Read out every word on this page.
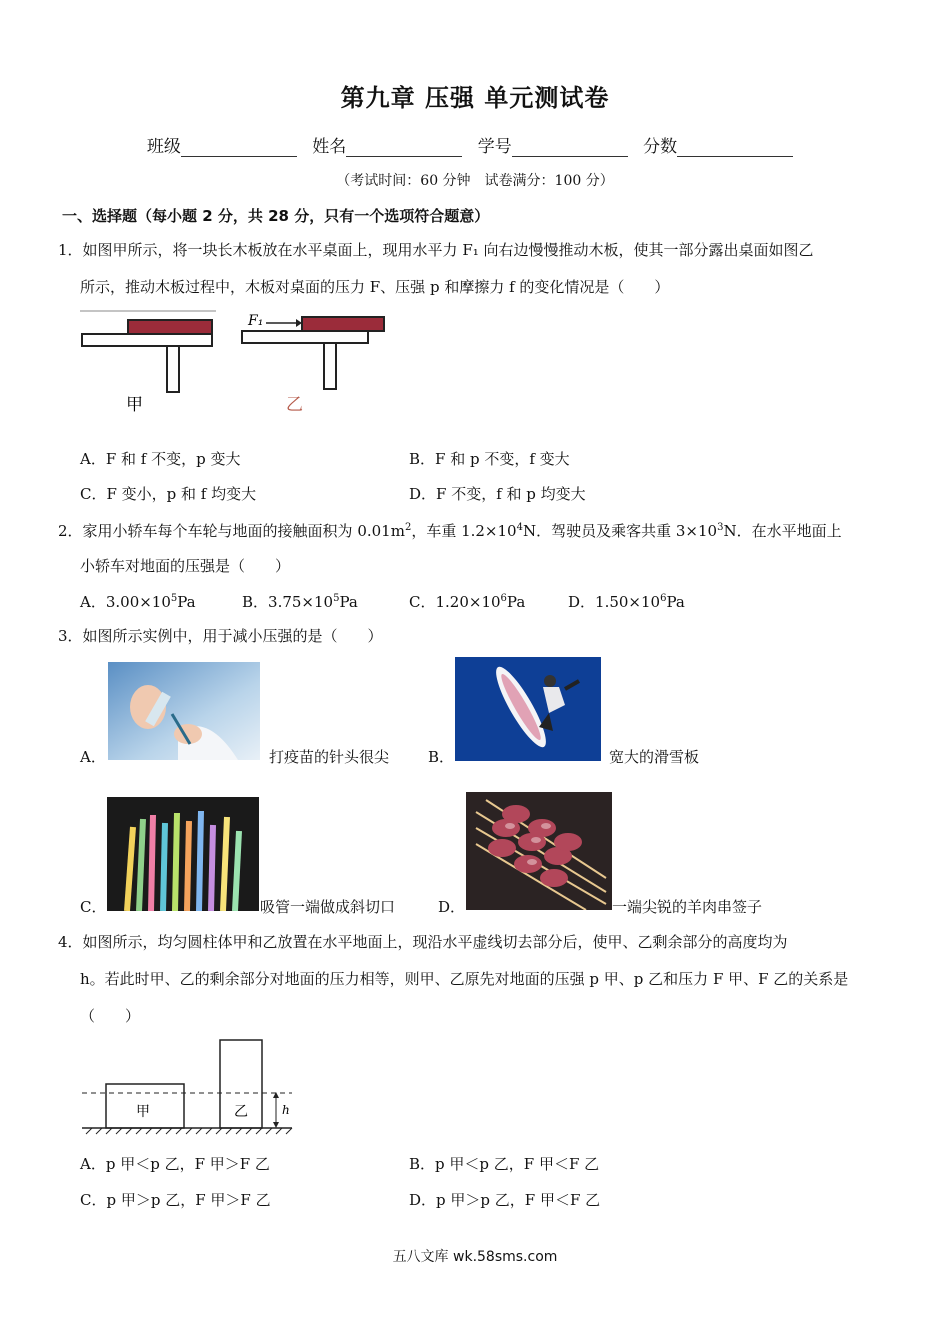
第九章 压强 单元测试卷
班级	姓名	学号	分数
（考试时间：60 分钟　试卷满分：100 分）
一、选择题（每小题 2 分，共 28 分，只有一个选项符合题意）
1．如图甲所示，将一块长木板放在水平桌面上，现用水平力 F₁ 向右边慢慢推动木板，使其一部分露出桌面如图乙
所示，推动木板过程中，木板对桌面的压力 F、压强 p 和摩擦力 f 的变化情况是（　　）
甲
F₁
乙
A．F 和 f 不变，p 变大	B．F 和 p 不变，f 变大
C．F 变小，p 和 f 均变大	D．F 不变，f 和 p 均变大
2．家用小轿车每个车轮与地面的接触面积为 $0.01m^2$，车重 $1.2\times 10^4N$．驾驶员及乘客共重 $3\times 10^3N$．在水平地面上
小轿车对地面的压强是（　　）
A．$3.00\times 10^5Pa$	B．$3.75\times 10^5Pa$	C．$1.20\times 10^6Pa$	D．$1.50\times 10^6Pa$
3．如图所示实例中，用于减小压强的是（　　）
A．	打疫苗的针头很尖	B．	宽大的滑雪板
C．	吸管一端做成斜切口	D．	一端尖锐的羊肉串签子
4．如图所示，均匀圆柱体甲和乙放置在水平地面上，现沿水平虚线切去部分后，使甲、乙剩余部分的高度均为
h。若此时甲、乙的剩余部分对地面的压力相等，则甲、乙原先对地面的压强 p 甲、p 乙和压力 F 甲、F 乙的关系是
（　　）
甲	乙	h
A．p 甲＜p 乙，F 甲＞F 乙	B．p 甲＜p 乙，F 甲＜F 乙
C．p 甲＞p 乙，F 甲＞F 乙	D．p 甲＞p 乙，F 甲＜F 乙
五八文库 wk.58sms.com
